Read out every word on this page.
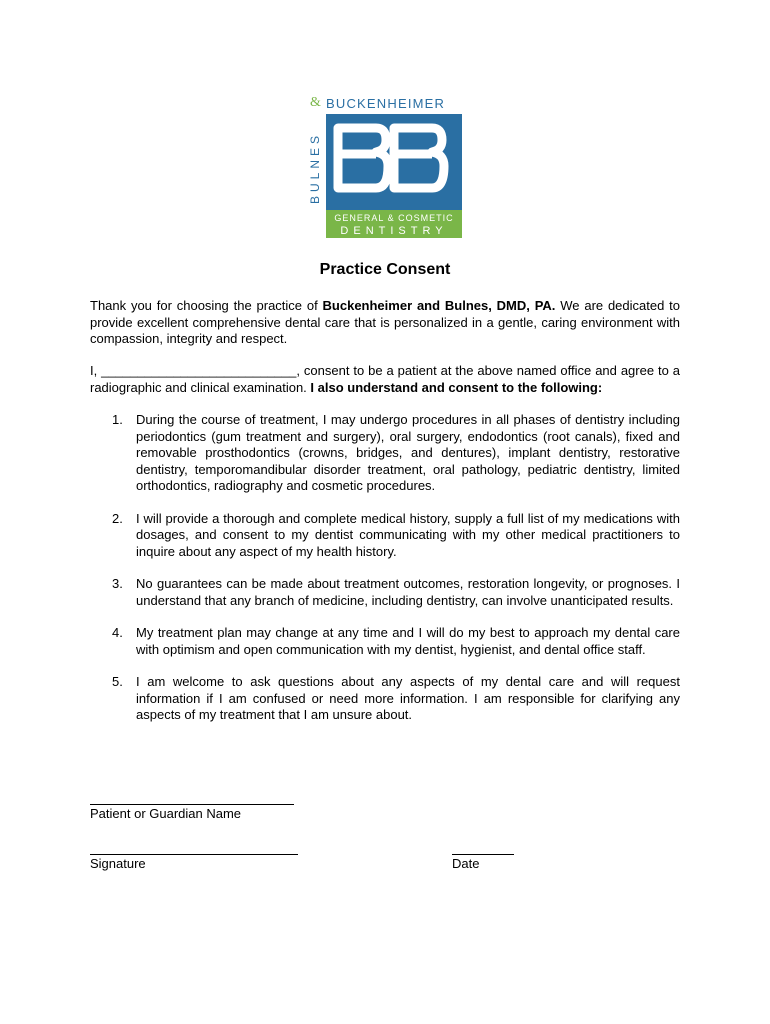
BUCKENHEIMER
&
BULNES
BB
GENERAL & COSMETIC
DENTISTRY
Practice Consent
Thank you for choosing the practice of Buckenheimer and Bulnes, DMD, PA. We are dedicated to provide excellent comprehensive dental care that is personalized in a gentle, caring environment with compassion, integrity and respect.
I, ___________________________, consent to be a patient at the above named office and agree to a radiographic and clinical examination. I also understand and consent to the following:
1. During the course of treatment, I may undergo procedures in all phases of dentistry including periodontics (gum treatment and surgery), oral surgery, endodontics (root canals), fixed and removable prosthodontics (crowns, bridges, and dentures), implant dentistry, restorative dentistry, temporomandibular disorder treatment, oral pathology, pediatric dentistry, limited orthodontics, radiography and cosmetic procedures.
2. I will provide a thorough and complete medical history, supply a full list of my medications with dosages, and consent to my dentist communicating with my other medical practitioners to inquire about any aspect of my health history.
3. No guarantees can be made about treatment outcomes, restoration longevity, or prognoses. I understand that any branch of medicine, including dentistry, can involve unanticipated results.
4. My treatment plan may change at any time and I will do my best to approach my dental care with optimism and open communication with my dentist, hygienist, and dental office staff.
5. I am welcome to ask questions about any aspects of my dental care and will request information if I am confused or need more information. I am responsible for clarifying any aspects of my treatment that I am unsure about.
Patient or Guardian Name
Signature	Date
